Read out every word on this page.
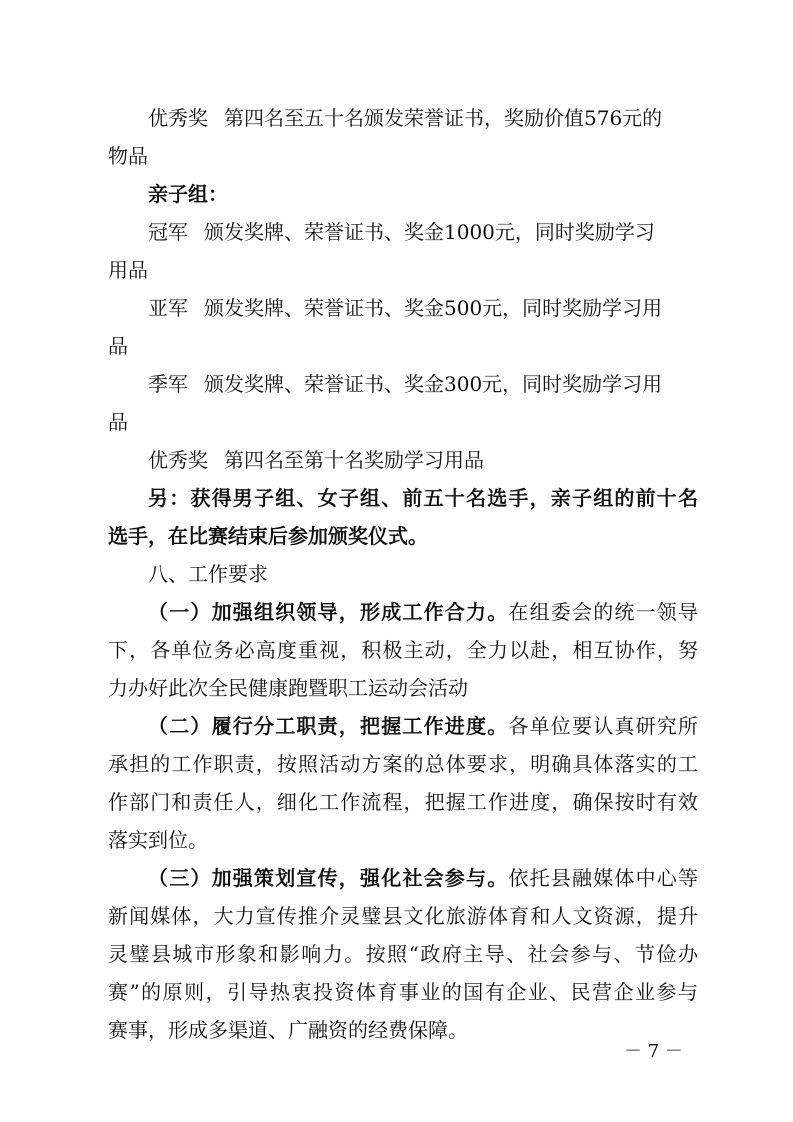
优秀奖 第四名至五十名颁发荣誉证书，奖励价值576元的
物品
亲子组：
冠军 颁发奖牌、荣誉证书、奖金1000元，同时奖励学习
用品
亚军 颁发奖牌、荣誉证书、奖金500元，同时奖励学习用
品
季军 颁发奖牌、荣誉证书、奖金300元，同时奖励学习用
品
优秀奖 第四名至第十名奖励学习用品
另：获得男子组、女子组、前五十名选手，亲子组的前十名
选手，在比赛结束后参加颁奖仪式。
八、工作要求
（一）加强组织领导，形成工作合力。在组委会的统一领导
下，各单位务必高度重视，积极主动，全力以赴，相互协作，努
力办好此次全民健康跑暨职工运动会活动
（二）履行分工职责，把握工作进度。各单位要认真研究所
承担的工作职责，按照活动方案的总体要求，明确具体落实的工
作部门和责任人，细化工作流程，把握工作进度，确保按时有效
落实到位。
（三）加强策划宣传，强化社会参与。依托县融媒体中心等
新闻媒体，大力宣传推介灵璧县文化旅游体育和人文资源，提升
灵璧县城市形象和影响力。按照“政府主导、社会参与、节俭办
赛”的原则，引导热衷投资体育事业的国有企业、民营企业参与
赛事，形成多渠道、广融资的经费保障。
－ 7 －
